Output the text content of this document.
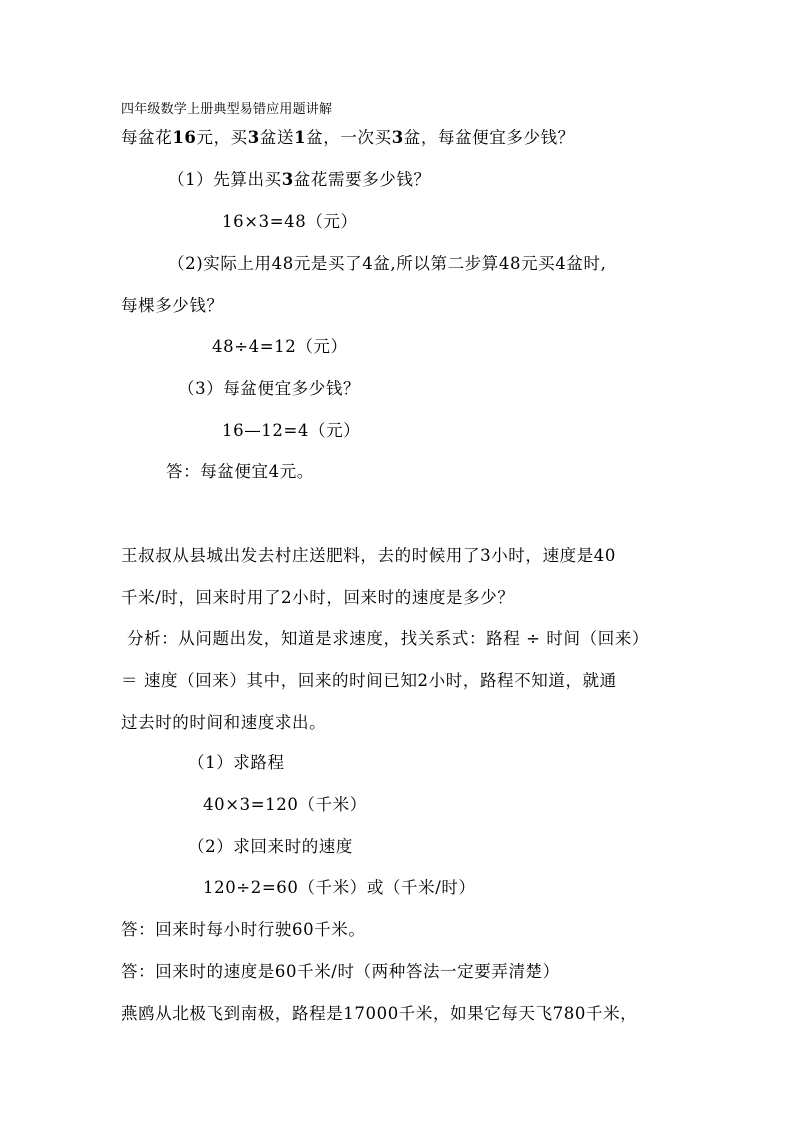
四年级数学上册典型易错应用题讲解
每盆花16元，买3盆送1盆，一次买3盆，每盆便宜多少钱？
（1）先算出买3盆花需要多少钱？
16×3=48（元）
（2)实际上用48元是买了4盆,所以第二步算48元买4盆时,
每棵多少钱？
48÷4=12（元）
（3）每盆便宜多少钱？
16—12=4（元）
答：每盆便宜4元。
王叔叔从县城出发去村庄送肥料，去的时候用了3小时，速度是40
千米/时，回来时用了2小时，回来时的速度是多少？
分析：从问题出发，知道是求速度，找关系式：路程 ÷ 时间（回来）
＝ 速度（回来）其中，回来的时间已知2小时，路程不知道，就通
过去时的时间和速度求出。
（1）求路程
40×3=120（千米）
（2）求回来时的速度
120÷2=60（千米）或（千米/时）
答：回来时每小时行驶60千米。
答：回来时的速度是60千米/时（两种答法一定要弄清楚）
燕鸥从北极飞到南极，路程是17000千米，如果它每天飞780千米，
